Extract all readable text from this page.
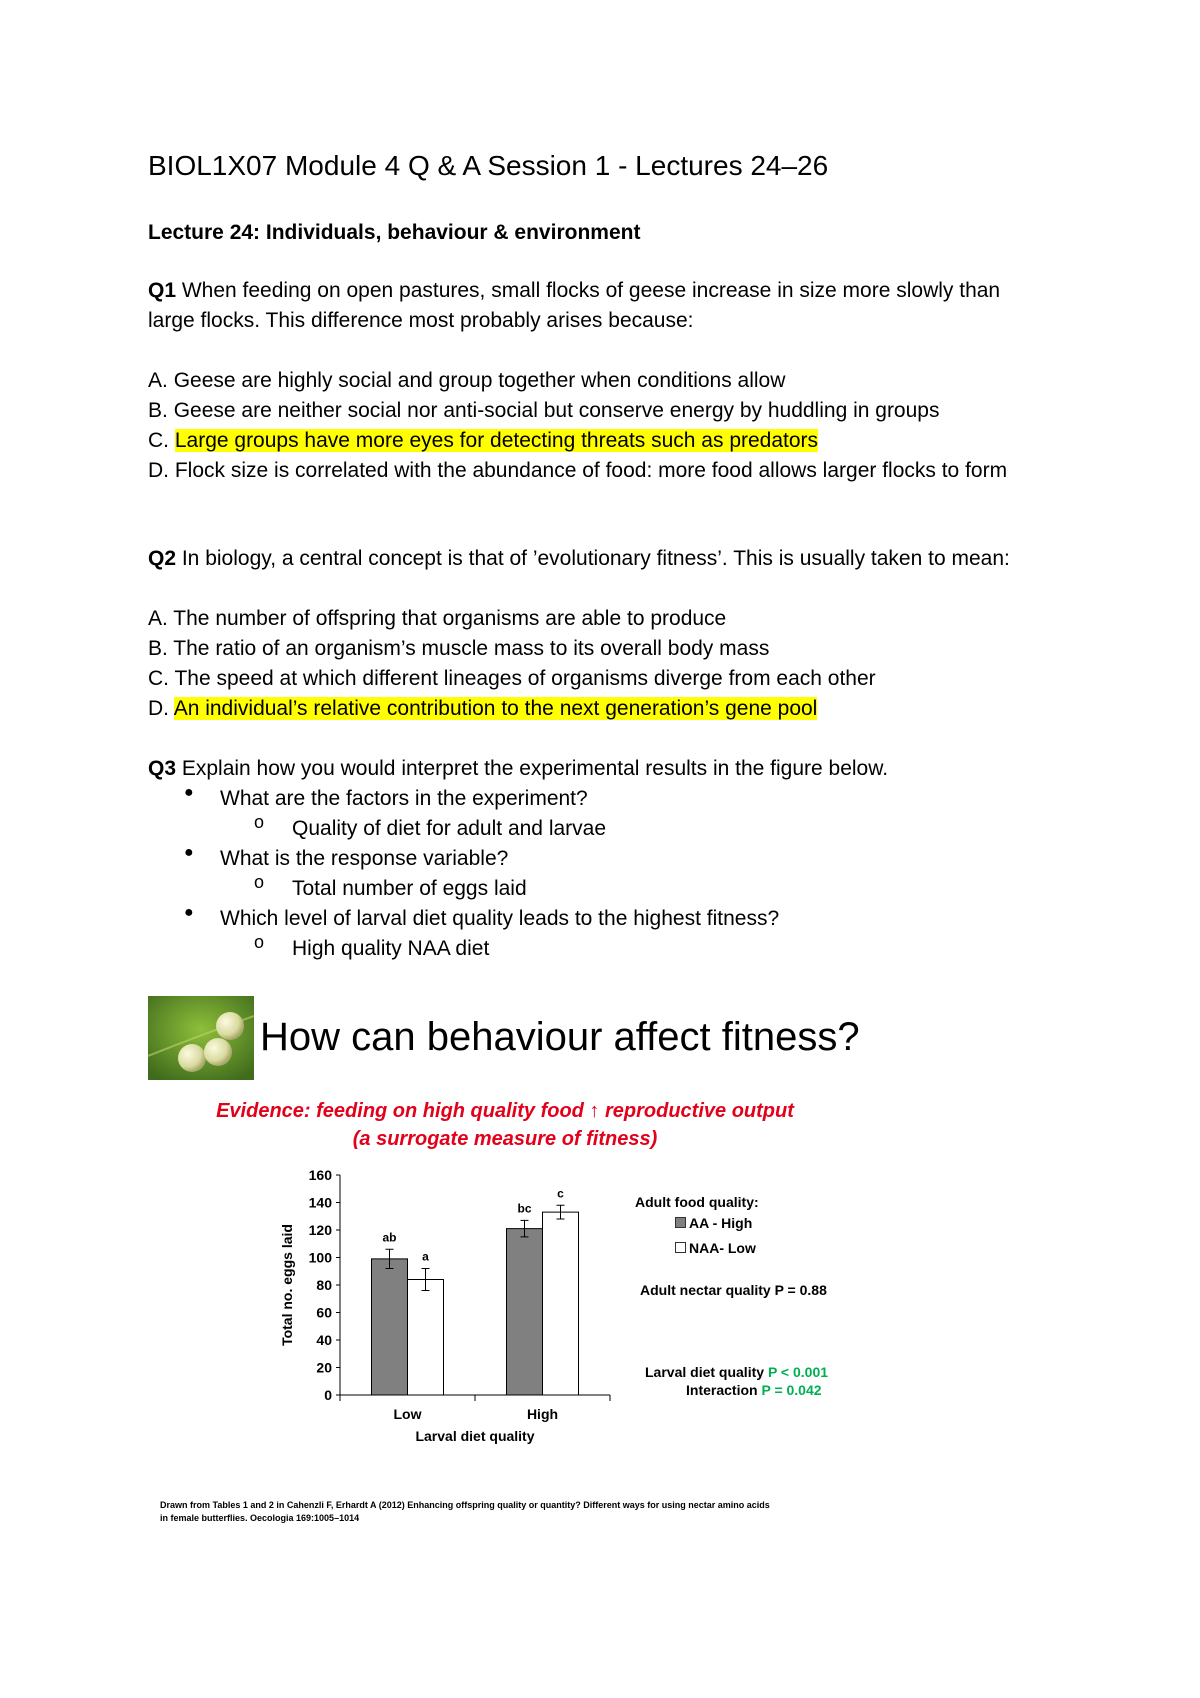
BIOL1X07 Module 4 Q & A Session 1 - Lectures 24–26
Lecture 24: Individuals, behaviour & environment
Q1 When feeding on open pastures, small flocks of geese increase in size more slowly than
large flocks. This difference most probably arises because:
A. Geese are highly social and group together when conditions allow
B. Geese are neither social nor anti-social but conserve energy by huddling in groups
C. Large groups have more eyes for detecting threats such as predators
D. Flock size is correlated with the abundance of food: more food allows larger flocks to form
Q2 In biology, a central concept is that of ’evolutionary fitness’. This is usually taken to mean:
A. The number of offspring that organisms are able to produce
B. The ratio of an organism’s muscle mass to its overall body mass
C. The speed at which different lineages of organisms diverge from each other
D. An individual’s relative contribution to the next generation’s gene pool
Q3 Explain how you would interpret the experimental results in the figure below.
● What are the factors in the experiment?
o Quality of diet for adult and larvae
● What is the response variable?
o Total number of eggs laid
● Which level of larval diet quality leads to the highest fitness?
o High quality NAA diet
How can behaviour affect fitness?
Evidence: feeding on high quality food ↑ reproductive output
(a surrogate measure of fitness)
0
20
40
60
80
100
120
140
160
Low
ab
a
High
bc
c
Larval diet quality
Total no. eggs laid
Adult food quality:
AA - High
NAA- Low
Adult nectar quality P = 0.88
Larval diet quality P < 0.001
Interaction P = 0.042
Drawn from Tables 1 and 2 in Cahenzli F, Erhardt A (2012) Enhancing offspring quality or quantity? Different ways for using nectar amino acids
in female butterflies. Oecologia 169:1005–1014
